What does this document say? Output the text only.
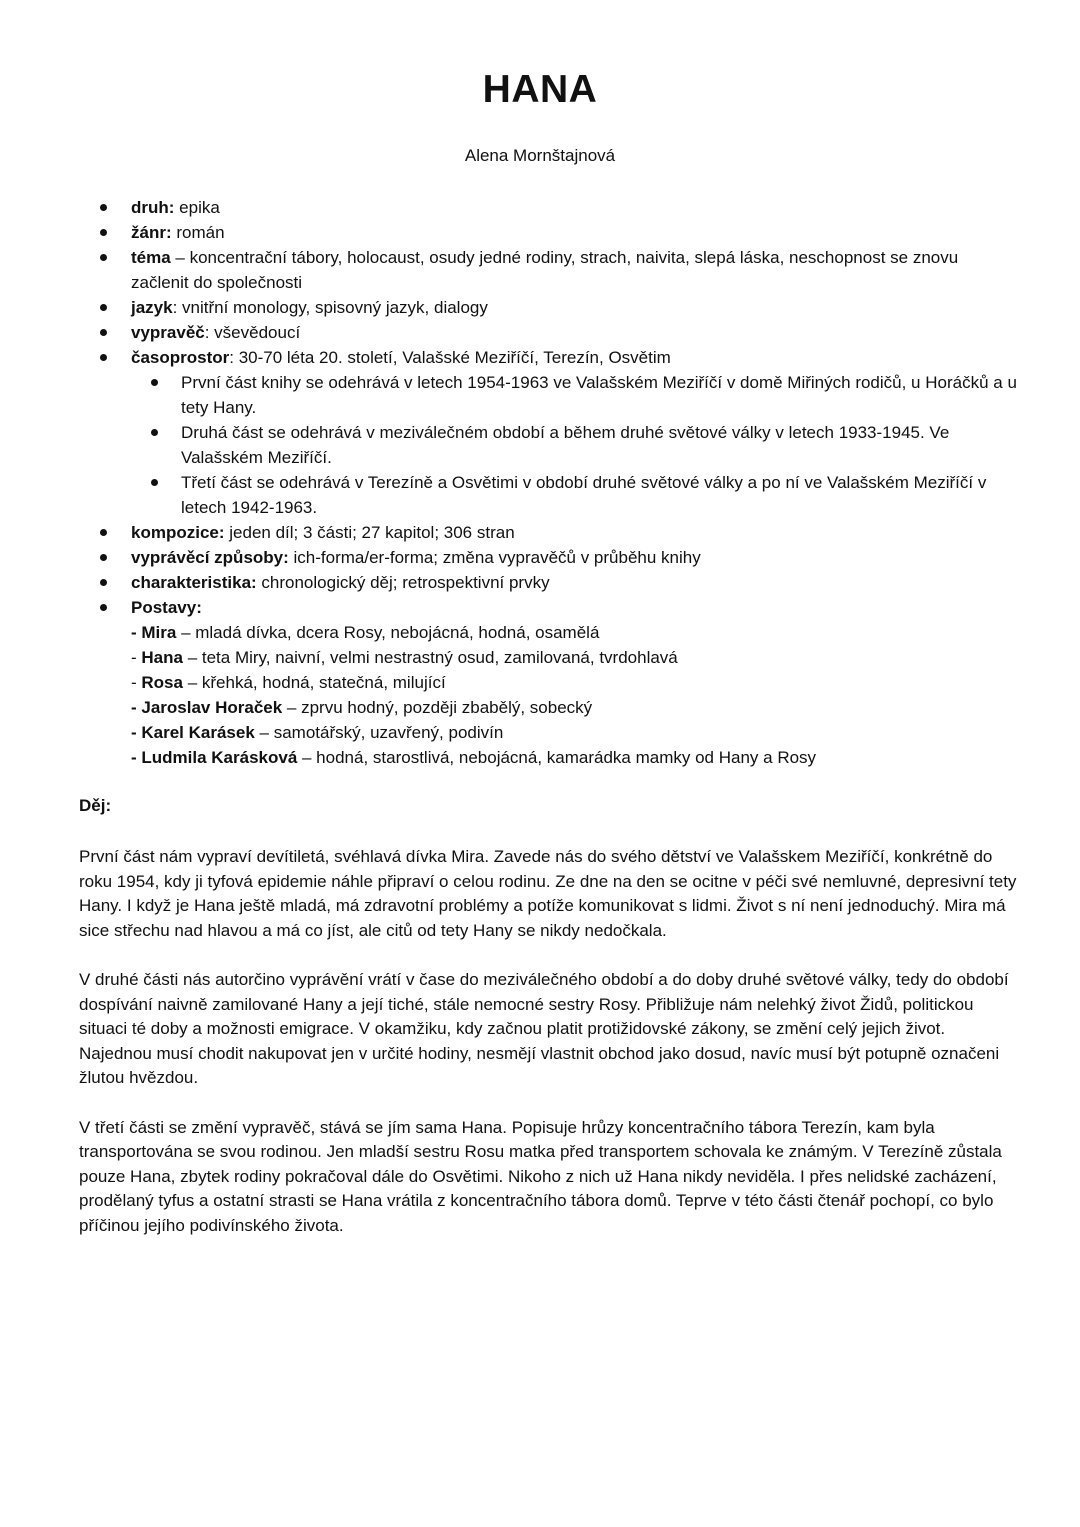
HANA
Alena Mornštajnová
druh: epika
žánr: román
téma – koncentrační tábory, holocaust, osudy jedné rodiny, strach, naivita, slepá láska, neschopnost se znovu začlenit do společnosti
jazyk: vnitřní monology, spisovný jazyk, dialogy
vypravěč: vševědoucí
časoprostor: 30-70 léta 20. století, Valašské Meziříčí, Terezín, Osvětim
První část knihy se odehrává v letech 1954-1963 ve Valašském Meziříčí v domě Miřiných rodičů, u Horáčků a u tety Hany.
Druhá část se odehrává v meziválečném období a během druhé světové války v letech 1933-1945. Ve Valašském Meziříčí.
Třetí část se odehrává v Terezíně a Osvětimi v období druhé světové války a po ní ve Valašském Meziříčí v letech 1942-1963.
kompozice: jeden díl; 3 části; 27 kapitol; 306 stran
vyprávěcí způsoby: ich-forma/er-forma; změna vypravěčů v průběhu knihy
charakteristika: chronologický děj; retrospektivní prvky
Postavy:
- Mira – mladá dívka, dcera Rosy, nebojácná, hodná, osamělá
- Hana – teta Miry, naivní, velmi nestrastný osud, zamilovaná, tvrdohlavá
- Rosa – křehká, hodná, statečná, milující
- Jaroslav Horaček – zprvu hodný, později zbabělý, sobecký
- Karel Karásek – samotářský, uzavřený, podivín
- Ludmila Karásková – hodná, starostlivá, nebojácná, kamarádka mamky od Hany a Rosy
Děj:

První část nám vypraví devítiletá, svéhlavá dívka Mira. Zavede nás do svého dětství ve Valašskem Meziříčí, konkrétně do roku 1954, kdy ji tyfová epidemie náhle připraví o celou rodinu. Ze dne na den se ocitne v péči své nemluvné, depresivní tety Hany. I když je Hana ještě mladá, má zdravotní problémy a potíže komunikovat s lidmi. Život s ní není jednoduchý. Mira má sice střechu nad hlavou a má co jíst, ale citů od tety Hany se nikdy nedočkala.

V druhé části nás autorčino vyprávění vrátí v čase do meziválečného období a do doby druhé světové války, tedy do období dospívání naivně zamilované Hany a její tiché, stále nemocné sestry Rosy. Přibližuje nám nelehký život Židů, politickou situaci té doby a možnosti emigrace. V okamžiku, kdy začnou platit protižidovské zákony, se změní celý jejich život. Najednou musí chodit nakupovat jen v určité hodiny, nesmějí vlastnit obchod jako dosud, navíc musí být potupně označeni žlutou hvězdou.

V třetí části se změní vypravěč, stává se jím sama Hana. Popisuje hrůzy koncentračního tábora Terezín, kam byla transportována se svou rodinou. Jen mladší sestru Rosu matka před transportem schovala ke známým. V Terezíně zůstala pouze Hana, zbytek rodiny pokračoval dále do Osvětimi. Nikoho z nich už Hana nikdy neviděla. I přes nelidské zacházení, prodělaný tyfus a ostatní strasti se Hana vrátila z koncentračního tábora domů. Teprve v této části čtenář pochopí, co bylo příčinou jejího podivínského života.
